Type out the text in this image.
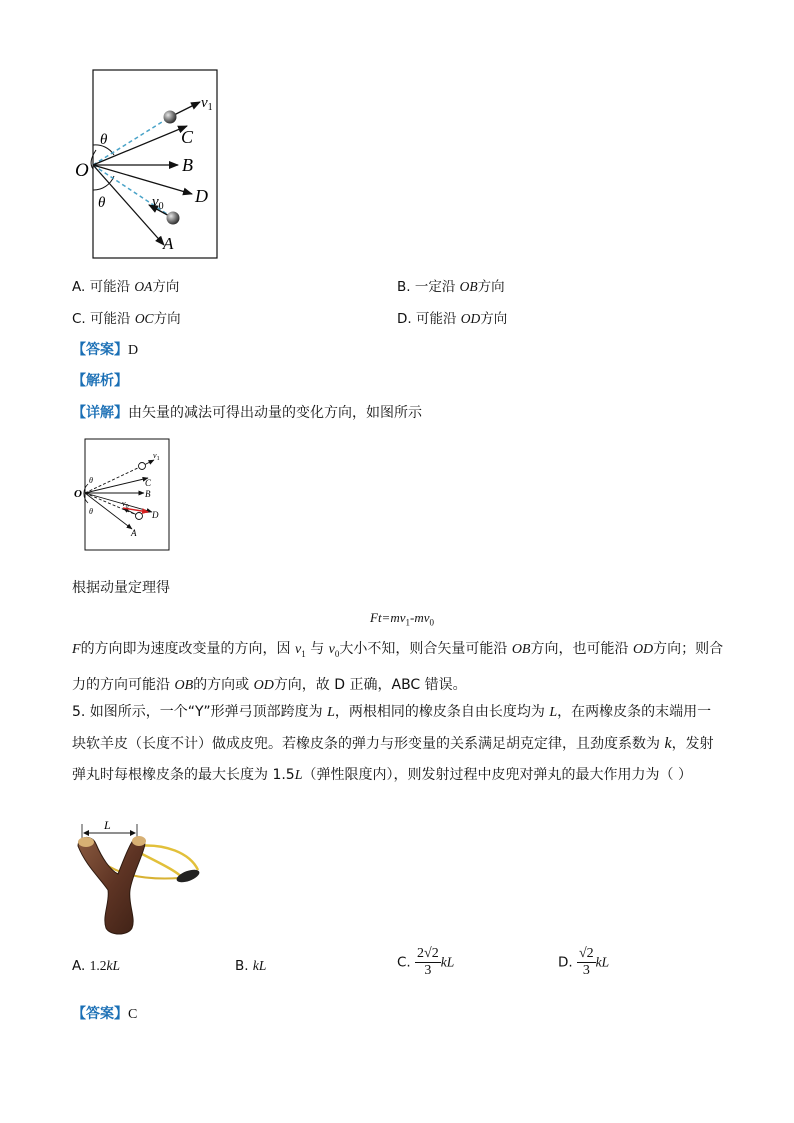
O
θ
θ
C
B
D
A
$v_1$
$v_0$
A. 可能沿 OA方向	B. 一定沿 OB方向
C. 可能沿 OC方向	D. 可能沿 OD方向
【答案】D
【解析】
【详解】由矢量的减法可得出动量的变化方向，如图所示
O
θ
θ
C
B
D
A
$v_1$
$v_0$
根据动量定理得
$Ft=mv_1-mv_0$
F的方向即为速度改变量的方向，因 $v_1$ 与 $v_0$大小不知，则合矢量可能沿 OB方向，也可能沿 OD方向；则合
力的方向可能沿 OB的方向或 OD方向，故 D 正确，ABC 错误。
5. 如图所示，一个“Y”形弹弓顶部跨度为 L，两根相同的橡皮条自由长度均为 L，在两橡皮条的末端用一
块软羊皮（长度不计）做成皮兜。若橡皮条的弹力与形变量的关系满足胡克定律，且劲度系数为 k，发射
弹丸时每根橡皮条的最大长度为 1.5L（弹性限度内），则发射过程中皮兜对弹丸的最大作用力为（ ）
L
A. 1.2kL	B. kL	C. $\frac{2√2}{3}$ kL	D. $\frac{√2}{3}$ kL
【答案】C
